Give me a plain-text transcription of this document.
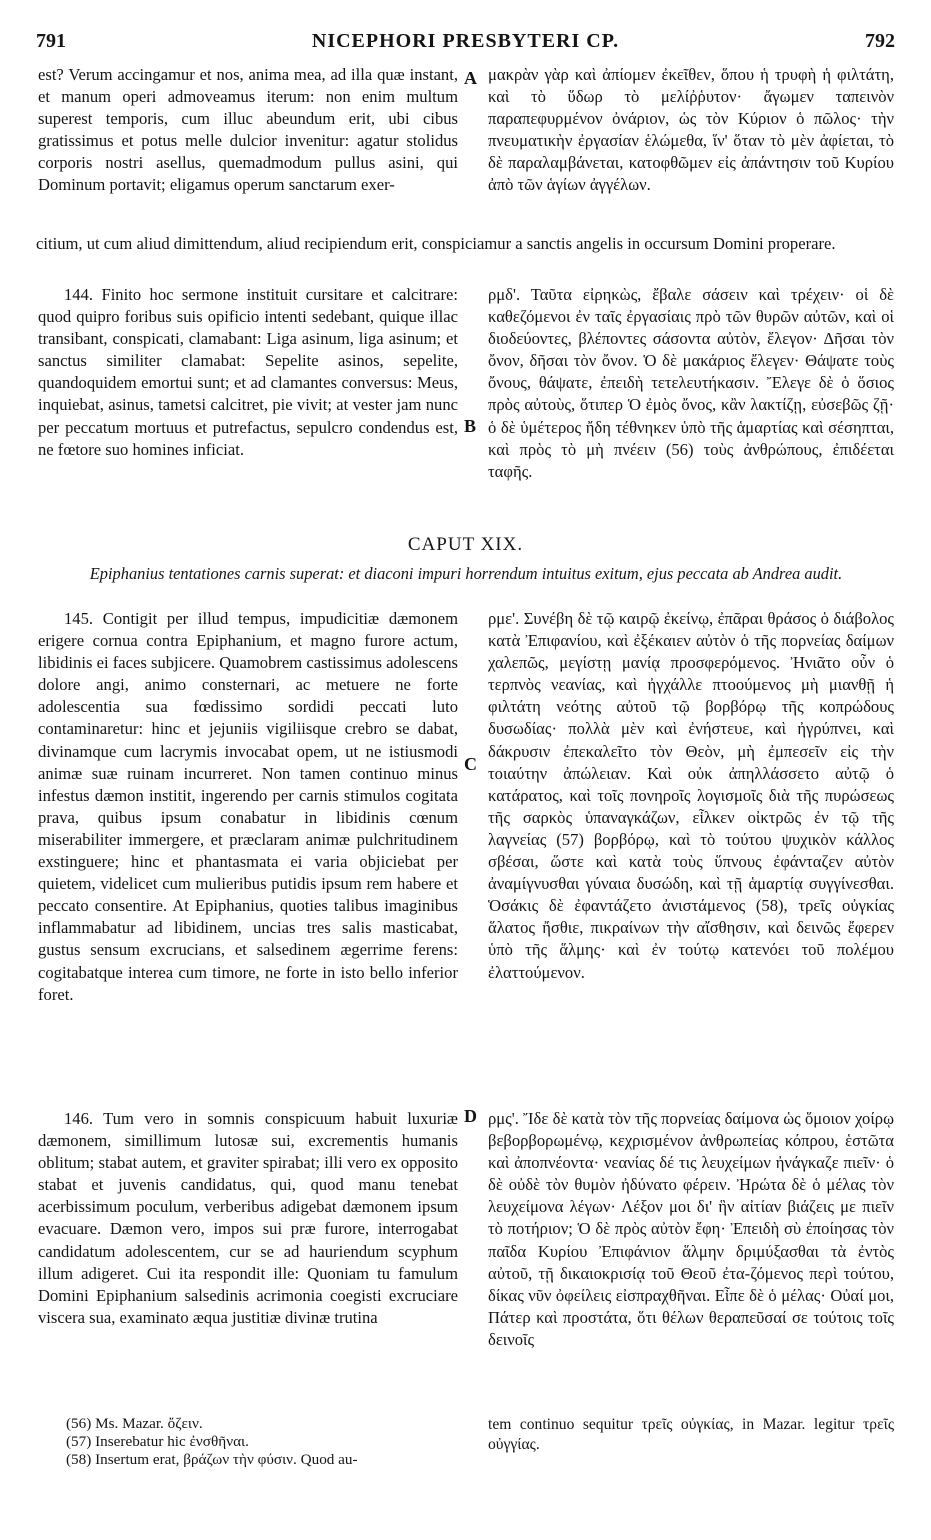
791	NICEPHORI PRESBYTERI CP.	792

est? Verum accingamur et nos, anima mea, ad illa quæ instant, et manum operi admoveamus iterum: non enim multum superest temporis, cum illuc abeundum erit, ubi cibus gratissimus et potus melle dulcior invenitur: agatur stolidus corporis nostri asellus, quemadmodum pullus asini, qui Dominum portavit; eligamus operum sanctarum exer-

A μακρὰν γὰρ καὶ ἀπίομεν ἐκεῖθεν, ὅπου ἡ τρυφὴ ἡ φιλτάτη, καὶ τὸ ὕδωρ τὸ μελίῤῥυτον· ἄγωμεν ταπεινὸν παραπεφυρμένον ὀνάριον, ὡς τὸν Κύριον ὁ πῶλος· τὴν πνευματικὴν ἐργασίαν ἑλώμεθα, ἵν' ὅταν τὸ μὲν ἀφίεται, τὸ δὲ παραλαμβάνεται, κατοφθῶμεν εἰς ἀπάντησιν τοῦ Κυρίου ἀπὸ τῶν ἁγίων ἀγγέλων.

citium, ut cum aliud dimittendum, aliud recipiendum erit, conspiciamur a sanctis angelis in occursum Domini properare.

144. Finito hoc sermone instituit cursitare et calcitrare: quod quipro foribus suis opificio intenti sedebant, quique illac transibant, conspicati, clamabant: Liga asinum, liga asinum; et sanctus similiter clamabat: Sepelite asinos, sepelite, quandoquidem emortui sunt; et ad clamantes conversus: Meus, inquiebat, asinus, tametsi calcitret, pie vivit; at vester jam nunc per peccatum mortuus et putrefactus, sepulcro condendus est, ne fœtore suo homines inficiat.

B

ρμδ'. Ταῦτα εἰρηκὼς, ἔβαλε σάσειν καὶ τρέχειν· οἱ δὲ καθεζόμενοι ἐν ταῖς ἐργασίαις πρὸ τῶν θυρῶν αὐτῶν, καὶ οἱ διοδεύοντες, βλέποντες σάσοντα αὐτὸν, ἔλεγον· Δῆσαι τὸν ὄνον, δῆσαι τὸν ὄνον. Ὁ δὲ μακάριος ἔλεγεν· Θάψατε τοὺς ὄνους, θάψατε, ἐπειδὴ τετελευτήκασιν. Ἔλεγε δὲ ὁ ὅσιος πρὸς αὐτοὺς, ὅτιπερ Ὁ ἐμὸς ὄνος, κἂν λακτίζῃ, εὐσεβῶς ζῇ· ὁ δὲ ὑμέτερος ἤδη τέθνηκεν ὑπὸ τῆς ἁμαρτίας καὶ σέσηπται, καὶ πρὸς τὸ μὴ πνέειν (56) τοὺς ἀνθρώπους, ἐπιδέεται ταφῆς.

CAPUT XIX.
Epiphanius tentationes carnis superat: et diaconi impuri horrendum intuitus exitum, ejus peccata ab Andrea audit.

145. Contigit per illud tempus, impudicitiæ dæmonem erigere cornua contra Epiphanium, et magno furore actum, libidinis ei faces subjicere. Quamobrem castissimus adolescens dolore angi, animo consternari, ac metuere ne forte adolescentia sua fœdissimo sordidi peccati luto contaminaretur: hinc et jejuniis vigiliisque crebro se dabat, divinamque cum lacrymis invocabat opem, ut ne istiusmodi animæ suæ ruinam incurreret. Non tamen continuo minus infestus dæmon institit, ingerendo per carnis stimulos cogitata prava, quibus ipsum conabatur in libidinis cœnum miserabiliter immergere, et præclaram animæ pulchritudinem exstinguere; hinc et phantasmata ei varia objiciebat per quietem, videlicet cum mulieribus putidis ipsum rem habere et peccato consentire. At Epiphanius, quoties talibus imaginibus inflammabatur ad libidinem, uncias tres salis masticabat, gustus sensum excrucians, et salsedinem ægerrime ferens: cogitabatque interea cum timore, ne forte in isto bello inferior foret.

C

ρμε'. Συνέβη δὲ τῷ καιρῷ ἐκείνῳ, ἐπᾶραι θράσος ὁ διάβολος κατὰ Ἐπιφανίου, καὶ ἐξέκαιεν αὐτὸν ὁ τῆς πορνείας δαίμων χαλεπῶς, μεγίστῃ μανίᾳ προσφερόμενος. Ἠνιᾶτο οὖν ὁ τερπνὸς νεανίας, καὶ ἠγχάλλε πτοούμενος μὴ μιανθῇ ἡ φιλτάτη νεότης αὐτοῦ τῷ βορβόρῳ τῆς κοπρώδους δυσωδίας· πολλὰ μὲν καὶ ἐνήστευε, καὶ ἠγρύπνει, καὶ δάκρυσιν ἐπεκαλεῖτο τὸν Θεὸν, μὴ ἐμπεσεῖν εἰς τὴν τοιαύτην ἀπώλειαν. Καὶ οὐκ ἀπηλλάσσετο αὐτῷ ὁ κατάρατος, καὶ τοῖς πονηροῖς λογισμοῖς διὰ τῆς πυρώσεως τῆς σαρκὸς ὑπαναγκάζων, εἷλκεν οἰκτρῶς ἐν τῷ τῆς λαγνείας (57) βορβόρῳ, καὶ τὸ τούτου ψυχικὸν κάλλος σβέσαι, ὥστε καὶ κατὰ τοὺς ὕπνους ἐφάνταζεν αὐτὸν ἀναμίγνυσθαι γύναια δυσώδη, καὶ τῇ ἁμαρτίᾳ συγγίνεσθαι. Ὁσάκις δὲ ἐφαντάζετο ἀνιστάμενος (58), τρεῖς οὐγκίας ἅλατος ἤσθιε, πικραίνων τὴν αἴσθησιν, καὶ δεινῶς ἔφερεν ὑπὸ τῆς ἅλμης· καὶ ἐν τούτῳ κατενόει τοῦ πολέμου ἐλαττούμενον.

146. Tum vero in somnis conspicuum habuit luxuriæ dæmonem, simillimum lutosæ sui, excrementis humanis oblitum; stabat autem, et graviter spirabat; illi vero ex opposito stabat et juvenis candidatus, qui, quod manu tenebat acerbissimum poculum, verberibus adigebat dæmonem ipsum evacuare. Dæmon vero, impos sui præ furore, interrogabat candidatum adolescentem, cur se ad hauriendum scyphum illum adigeret. Cui ita respondit ille: Quoniam tu famulum Domini Epiphanium salsedinis acrimonia coegisti excruciare viscera sua, examinato æqua justitiæ divinæ trutina

D ρμς'. Ἴδε δὲ κατὰ τὸν τῆς πορνείας δαίμονα ὡς ὅμοιον χοίρῳ βεβορβορωμένῳ, κεχρισμένον ἀνθρωπείας κόπρου, ἑστῶτα καὶ ἀποπνέοντα· νεανίας δέ τις λευχείμων ἠνάγκαζε πιεῖν· ὁ δὲ οὐδὲ τὸν θυμὸν ἠδύνατο φέρειν. Ἠρώτα δὲ ὁ μέλας τὸν λευχείμονα λέγων· Λέξον μοι δι' ἣν αἰτίαν βιάζεις με πιεῖν τὸ ποτήριον; Ὁ δὲ πρὸς αὐτὸν ἔφη· Ἐπειδὴ σὺ ἐποίησας τὸν παῖδα Κυρίου Ἐπιφάνιον ἅλμην δριμύξασθαι τὰ ἐντὸς αὐτοῦ, τῇ δικαιοκρισίᾳ τοῦ Θεοῦ ἐτα-ζόμενος περὶ τούτου, δίκας νῦν ὀφείλεις εἰσπραχθῆναι. Εἶπε δὲ ὁ μέλας· Οὐαί μοι, Πάτερ καὶ προστάτα, ὅτι θέλων θεραπεῦσαί σε τούτοις τοῖς δεινοῖς

(56) Ms. Mazar. ὄζειν.
(57) Inserebatur hic ἐνσθῆναι.
(58) Insertum erat, βράζων τὴν φύσιν. Quod au-
tem continuo sequitur τρεῖς οὐγκίας, in Mazar. legitur τρεῖς οὐγγίας.
